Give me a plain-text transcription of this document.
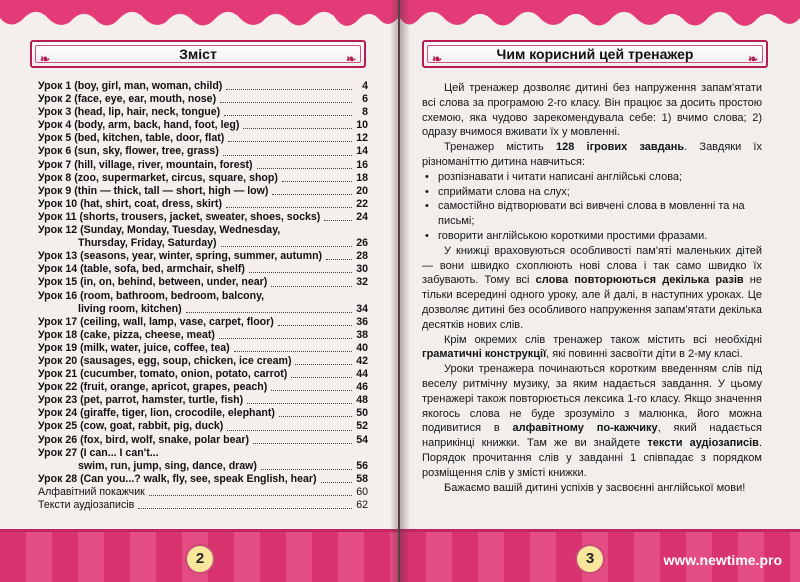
❧	Зміст	❧
Урок 1 (boy, girl, man, woman, child)	4
Урок 2 (face, eye, ear, mouth, nose)	6
Урок 3 (head, lip, hair, neck, tongue)	8
Урок 4 (body, arm, back, hand, foot, leg)	10
Урок 5 (bed, kitchen, table, door, flat)	12
Урок 6 (sun, sky, flower, tree, grass)	14
Урок 7 (hill, village, river, mountain, forest)	16
Урок 8 (zoo, supermarket, circus, square, shop)	18
Урок 9 (thin — thick, tall — short, high — low)	20
Урок 10 (hat, shirt, coat, dress, skirt)	22
Урок 11 (shorts, trousers, jacket, sweater, shoes, socks)	24
Урок 12 (Sunday, Monday, Tuesday, Wednesday,
Thursday, Friday, Saturday)	26
Урок 13 (seasons, year, winter, spring, summer, autumn)	28
Урок 14 (table, sofa, bed, armchair, shelf)	30
Урок 15 (in, on, behind, between, under, near)	32
Урок 16 (room, bathroom, bedroom, balcony,
living room, kitchen)	34
Урок 17 (ceiling, wall, lamp, vase, carpet, floor)	36
Урок 18 (cake, pizza, cheese, meat)	38
Урок 19 (milk, water, juice, coffee, tea)	40
Урок 20 (sausages, egg, soup, chicken, ice cream)	42
Урок 21 (cucumber, tomato, onion, potato, carrot)	44
Урок 22 (fruit, orange, apricot, grapes, peach)	46
Урок 23 (pet, parrot, hamster, turtle, fish)	48
Урок 24 (giraffe, tiger, lion, crocodile, elephant)	50
Урок 25 (cow, goat, rabbit, pig, duck)	52
Урок 26 (fox, bird, wolf, snake, polar bear)	54
Урок 27 (I can... I can't...
swim, run, jump, sing, dance, draw)	56
Урок 28 (Can you...? walk, fly, see, speak English, hear)	58
Алфавітний покажчик	60
Тексти аудіозаписів	62
2
❧	Чим корисний цей тренажер	❧
3	www.newtime.pro

Цей тренажер дозволяє дитині без напруження запам'ятати всі слова за програмою 2-го класу. Він працює за досить простою схемою, яка чудово зарекомендувала себе: 1) вчимо слова; 2) одразу вчимося вживати їх у мовленні.

Тренажер містить 128 ігрових завдань. Завдяки їх різноманіттю дитина навчиться:

• розпізнавати і читати написані англійські слова;
• сприймати слова на слух;
• самостійно відтворювати всі вивчені слова в мовленні та на письмі;
• говорити англійською короткими простими фразами.

У книжці враховуються особливості пам'яті маленьких дітей — вони швидко схоплюють нові слова і так само швидко їх забувають. Тому всі слова повторюються декілька разів не тільки всередині одного уроку, але й далі, в наступних уроках. Це дозволяє дитині без особливого напруження запам'ятати декілька десятків нових слів.

Крім окремих слів тренажер також містить всі необхідні граматичні конструкції, які повинні засвоїти діти в 2-му класі.

Уроки тренажера починаються коротким введенням слів під веселу ритмічну музику, за яким надається завдання. У цьому тренажері також повторюється лексика 1-го класу. Якщо значення якогось слова не буде зрозуміло з малюнка, його можна подивитися в алфавітному по-кажчику, який надається наприкінці книжки. Там же ви знайдете тексти аудіозаписів. Порядок прочитання слів у завданні 1 співпадає з порядком розміщення слів у змісті книжки.

Бажаємо вашій дитині успіхів у засвоєнні англійської мови!
